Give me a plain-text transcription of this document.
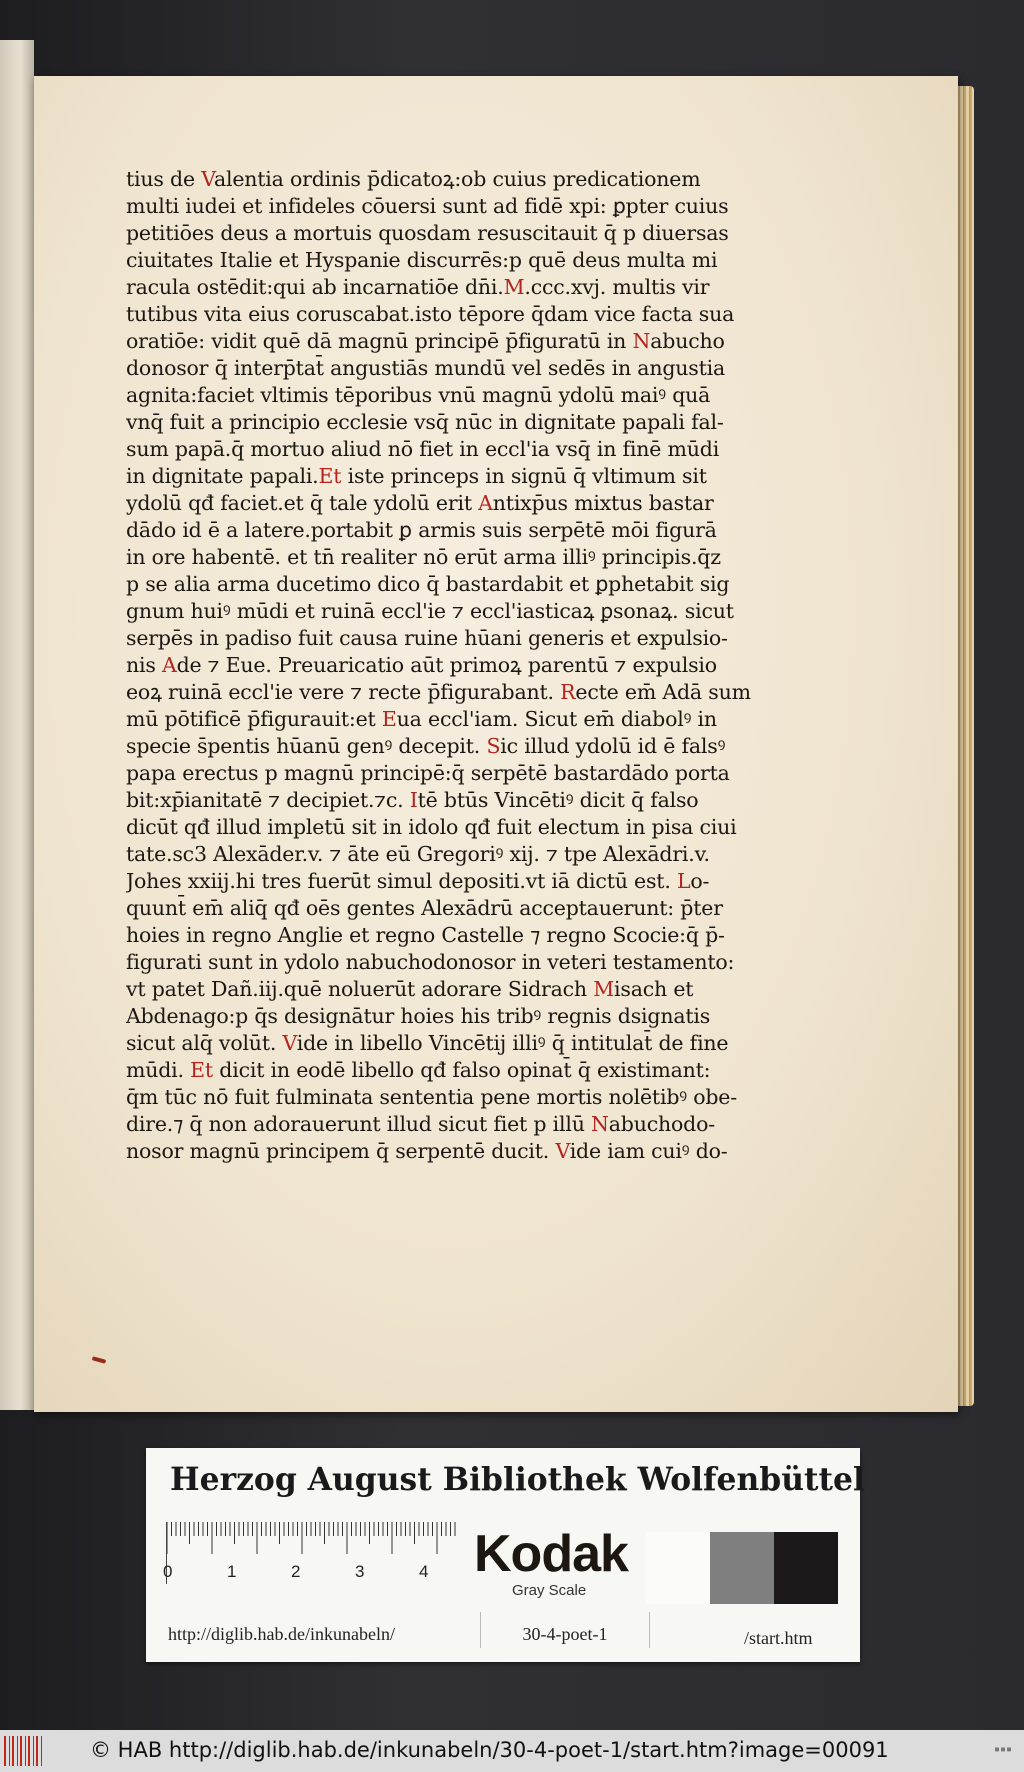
tius de Valentia ordinis p̄dicatoꝝ:ob cuius predicationem
multi iudei et infideles cōuersi sunt ad fidē xpi: ꝑpter cuius
petitiōes deus a mortuis quosdam resuscitauit q̄ p diuersas
ciuitates Italie et Hyspanie discurrēs:p quē deus multa mi
racula ostēdit:qui ab incarnatiōe dn̄i.M.ccc.xvj. multis vir
tutibus vita eius coruscabat.isto tēpore q̄dam vice facta sua
oratiōe: vidit quē dā magnū principē p̄figuratū in Nabucho
donosor q̄ interp̄tat̄ angustiās mundū vel sedēs in angustia
agnita:faciet vltimis tēporibus vnū magnū ydolū maiꝰ quā
vnq̄ fuit a principio ecclesie vsq̄ nūc in dignitate papali fal-
sum papā.q̄ mortuo aliud nō fiet in eccl'ia vsq̄ in finē mūdi
in dignitate papali.Et iste princeps in signū q̄ vltimum sit
ydolū qđ faciet.et q̄ tale ydolū erit Antixp̄us mixtus bastar
dādo id ē a latere.portabit ꝑ armis suis serpētē mōi figurā
in ore habentē. et tn̄ realiter nō erūt arma illiꝰ principis.q̄z
p se alia arma ducetimo dico q̄ bastardabit et ꝑphetabit sig
gnum huiꝰ mūdi et ruinā eccl'ie ⁊ eccl'iasticaꝝ ꝑsonaꝝ. sicut
serpēs in padiso fuit causa ruine hūani generis et expulsio-
nis Ade ⁊ Eue. Preuaricatio aūt primoꝝ parentū ⁊ expulsio
eoꝝ ruinā eccl'ie vere ⁊ recte p̄figurabant. Recte em̄ Adā sum
mū pōtificē p̄figurauit:et Eua eccl'iam. Sicut em̄ diabolꝰ in
specie s̄pentis hūanū genꝰ decepit. Sic illud ydolū id ē falsꝰ
papa erectus p magnū principē:q̄ serpētē bastardādo porta
bit:xp̄ianitatē ⁊ decipiet.⁊c. Itē btūs Vincētiꝰ dicit q̄ falso
dicūt qđ illud impletū sit in idolo qđ fuit electum in pisa ciui
tate.sc3 Alexāder.v. ⁊ āte eū Gregoriꝰ xij. ⁊ tpe Alexādri.v.
Johes xxiij.hi tres fuerūt simul depositi.vt iā dictū est. Lo-
quunt̄ em̄ aliq̄ qđ oēs gentes Alexādrū acceptauerunt: p̄ter
hoies in regno Anglie et regno Castelle ⁊ regno Scocie:q̄ p̄-
figurati sunt in ydolo nabuchodonosor in veteri testamento:
vt patet Dañ.iij.quē noluerūt adorare Sidrach Misach et
Abdenago:p q̄s designātur hoies his tribꝰ regnis dsignatis
sicut alq̄ volūt. Vide in libello Vincētij illiꝰ q̄ intitulat̄ de fine
mūdi. Et dicit in eodē libello qđ falso opinat̄ q̄ existimant:
q̄m tūc nō fuit fulminata sententia pene mortis nolētibꝰ obe-
dire.⁊ q̄ non adorauerunt illud sicut fiet p illū Nabuchodo-
nosor magnū principem q̄ serpentē ducit. Vide iam cuiꝰ do-
Herzog August Bibliothek Wolfenbüttel
0	1	2	3	4 Kodak
Gray Scale
http://diglib.hab.de/inkunabeln/	30-4-poet-1	/start.htm
© HAB http://diglib.hab.de/inkunabeln/30-4-poet-1/start.htm?image=00091	▪▪▪
